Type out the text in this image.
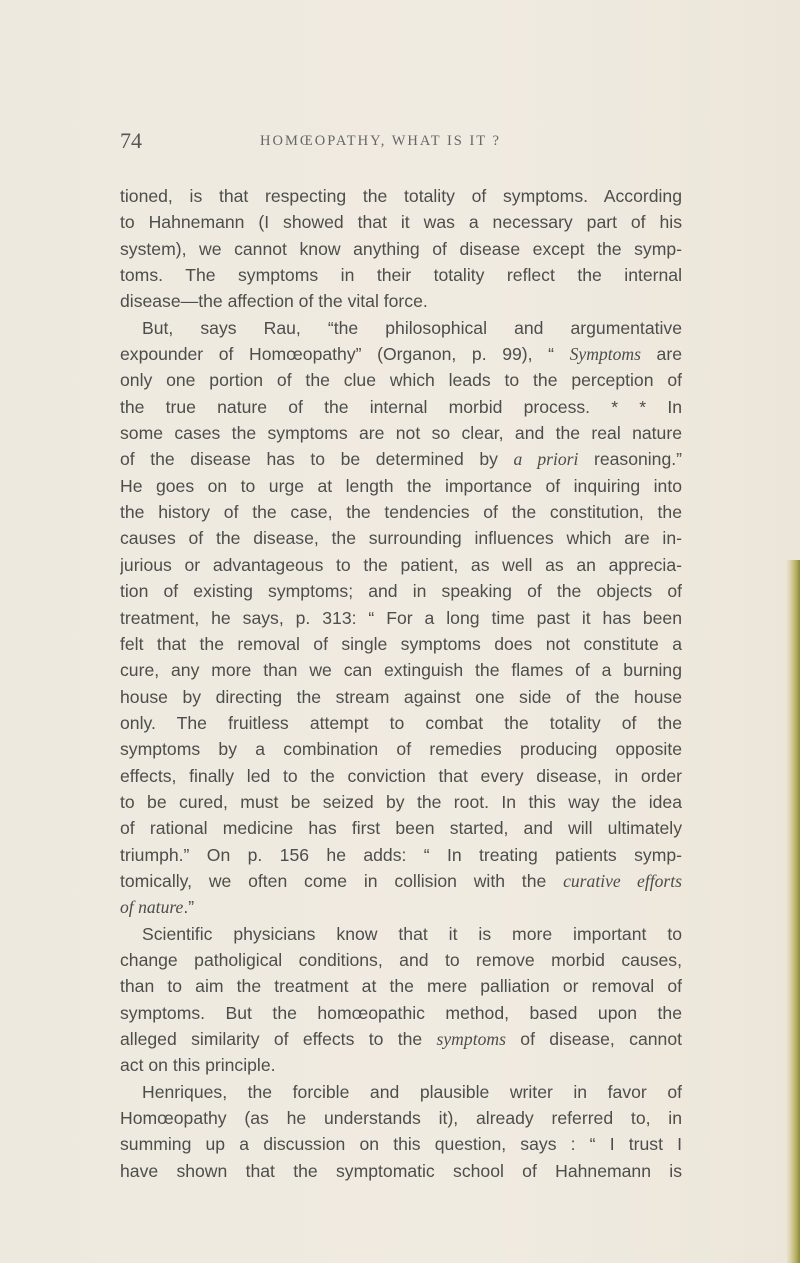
74	HOMŒOPATHY, WHAT IS IT ?
tioned, is that respecting the totality of symptoms. According
to Hahnemann (I showed that it was a necessary part of his
system), we cannot know anything of disease except the symp-
toms. The symptoms in their totality reflect the internal
disease—the affection of the vital force.
But, says Rau, “the philosophical and argumentative
expounder of Homœopathy” (Organon, p. 99), “ Symptoms are
only one portion of the clue which leads to the perception of
the true nature of the internal morbid process. * * In
some cases the symptoms are not so clear, and the real nature
of the disease has to be determined by a priori reasoning.”
He goes on to urge at length the importance of inquiring into
the history of the case, the tendencies of the constitution, the
causes of the disease, the surrounding influences which are in-
jurious or advantageous to the patient, as well as an apprecia-
tion of existing symptoms; and in speaking of the objects of
treatment, he says, p. 313: “ For a long time past it has been
felt that the removal of single symptoms does not constitute a
cure, any more than we can extinguish the flames of a burning
house by directing the stream against one side of the house
only. The fruitless attempt to combat the totality of the
symptoms by a combination of remedies producing opposite
effects, finally led to the conviction that every disease, in order
to be cured, must be seized by the root. In this way the idea
of rational medicine has first been started, and will ultimately
triumph.” On p. 156 he adds: “ In treating patients symp-
tomically, we often come in collision with the curative efforts
of nature.”
Scientific physicians know that it is more important to
change patholigical conditions, and to remove morbid causes,
than to aim the treatment at the mere palliation or removal of
symptoms. But the homœopathic method, based upon the
alleged similarity of effects to the symptoms of disease, cannot
act on this principle.
Henriques, the forcible and plausible writer in favor of
Homœopathy (as he understands it), already referred to, in
summing up a discussion on this question, says : “ I trust I
have shown that the symptomatic school of Hahnemann is
